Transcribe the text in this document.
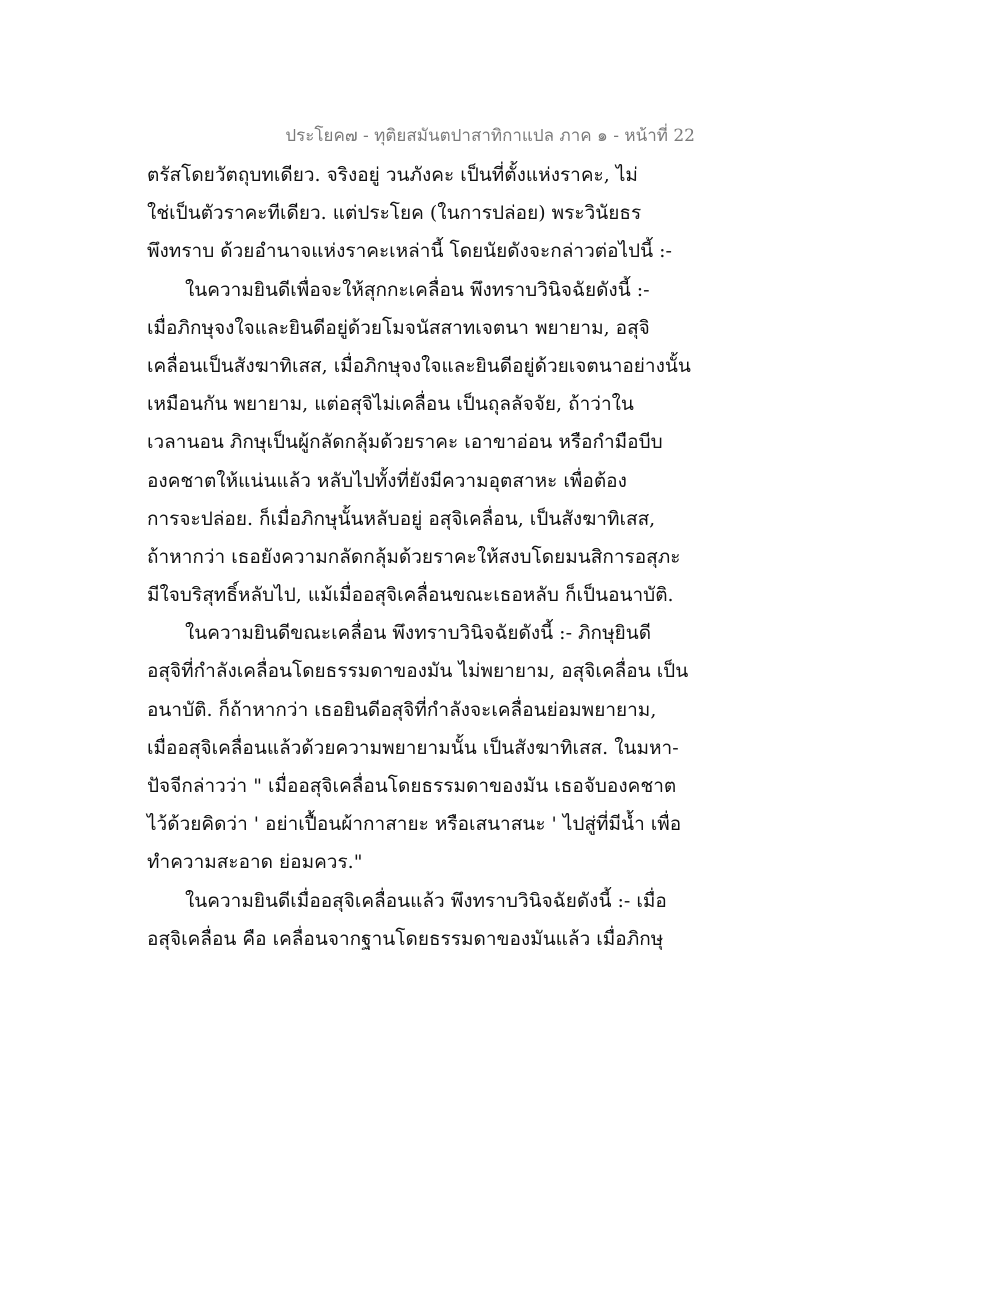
ประโยค๗ - ทุติยสมันตปาสาทิกาแปล ภาค ๑ - หน้าที่ 22
ตรัสโดยวัตถุบทเดียว. จริงอยู่ วนภังคะ เป็นที่ตั้งแห่งราคะ, ไม่
ใช่เป็นตัวราคะทีเดียว. แต่ประโยค (ในการปล่อย) พระวินัยธร
พึงทราบ ด้วยอำนาจแห่งราคะเหล่านี้ โดยนัยดังจะกล่าวต่อไปนี้ :-
ในความยินดีเพื่อจะให้สุกกะเคลื่อน พึงทราบวินิจฉัยดังนี้ :-
เมื่อภิกษุจงใจและยินดีอยู่ด้วยโมจนัสสาทเจตนา พยายาม, อสุจิ
เคลื่อนเป็นสังฆาทิเสส, เมื่อภิกษุจงใจและยินดีอยู่ด้วยเจตนาอย่างนั้น
เหมือนกัน พยายาม, แต่อสุจิไม่เคลื่อน เป็นถุลลัจจัย, ถ้าว่าใน
เวลานอน ภิกษุเป็นผู้กลัดกลุ้มด้วยราคะ เอาขาอ่อน หรือกำมือบีบ
องคชาตให้แน่นแล้ว หลับไปทั้งที่ยังมีความอุตสาหะ เพื่อต้อง
การจะปล่อย. ก็เมื่อภิกษุนั้นหลับอยู่ อสุจิเคลื่อน, เป็นสังฆาทิเสส,
ถ้าหากว่า เธอยังความกลัดกลุ้มด้วยราคะให้สงบโดยมนสิการอสุภะ
มีใจบริสุทธิ์หลับไป, แม้เมื่ออสุจิเคลื่อนขณะเธอหลับ ก็เป็นอนาบัติ.
ในความยินดีขณะเคลื่อน พึงทราบวินิจฉัยดังนี้ :- ภิกษุยินดี
อสุจิที่กำลังเคลื่อนโดยธรรมดาของมัน ไม่พยายาม, อสุจิเคลื่อน เป็น
อนาบัติ. ก็ถ้าหากว่า เธอยินดีอสุจิที่กำลังจะเคลื่อนย่อมพยายาม,
เมื่ออสุจิเคลื่อนแล้วด้วยความพยายามนั้น เป็นสังฆาทิเสส. ในมหา-
ปัจจีกล่าวว่า " เมื่ออสุจิเคลื่อนโดยธรรมดาของมัน เธอจับองคชาต
ไว้ด้วยคิดว่า ' อย่าเปื้อนผ้ากาสายะ หรือเสนาสนะ ' ไปสู่ที่มีน้ำ เพื่อ
ทำความสะอาด ย่อมควร."
ในความยินดีเมื่ออสุจิเคลื่อนแล้ว พึงทราบวินิจฉัยดังนี้ :- เมื่อ
อสุจิเคลื่อน คือ เคลื่อนจากฐานโดยธรรมดาของมันแล้ว เมื่อภิกษุ
